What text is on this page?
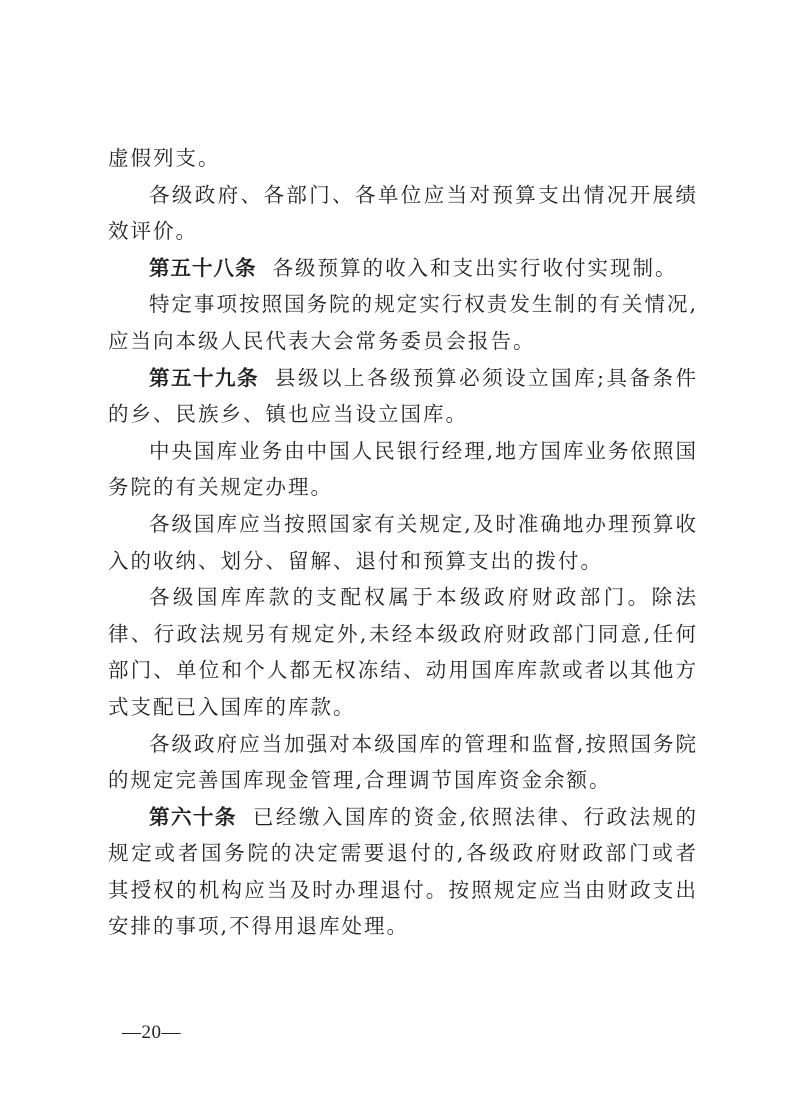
虚假列支。

各级政府、各部门、各单位应当对预算支出情况开展绩效评价。

第五十八条 各级预算的收入和支出实行收付实现制。

特定事项按照国务院的规定实行权责发生制的有关情况,应当向本级人民代表大会常务委员会报告。

第五十九条 县级以上各级预算必须设立国库;具备条件的乡、民族乡、镇也应当设立国库。

中央国库业务由中国人民银行经理,地方国库业务依照国务院的有关规定办理。

各级国库应当按照国家有关规定,及时准确地办理预算收入的收纳、划分、留解、退付和预算支出的拨付。

各级国库库款的支配权属于本级政府财政部门。除法律、行政法规另有规定外,未经本级政府财政部门同意,任何部门、单位和个人都无权冻结、动用国库库款或者以其他方式支配已入国库的库款。

各级政府应当加强对本级国库的管理和监督,按照国务院的规定完善国库现金管理,合理调节国库资金余额。

第六十条 已经缴入国库的资金,依照法律、行政法规的规定或者国务院的决定需要退付的,各级政府财政部门或者其授权的机构应当及时办理退付。按照规定应当由财政支出安排的事项,不得用退库处理。

—20—
